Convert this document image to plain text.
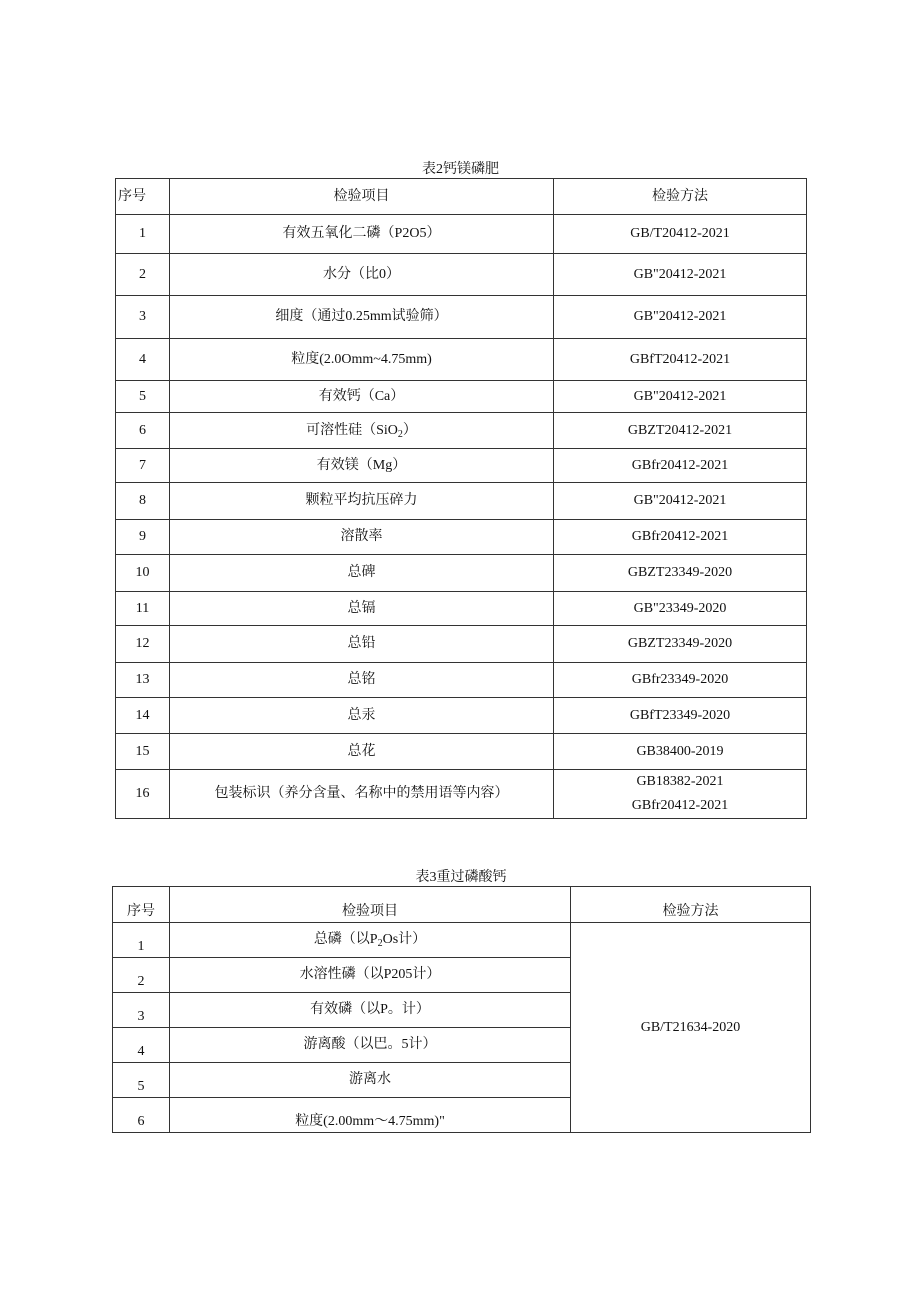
表2钙镁磷肥
序号	检验项目	检验方法
1	有效五氧化二磷（P2O5）	GB/T20412-2021
2	水分（比0）	GB"20412-2021
3	细度（通过0.25mm试验筛）	GB"20412-2021
4	粒度(2.0Omm~4.75mm)	GBfT20412-2021
5	有效钙（Ca）	GB"20412-2021
6	可溶性硅（SiO$_2$）	GBZT20412-2021
7	有效镁（Mg）	GBfr20412-2021
8	颗粒平均抗压碎力	GB"20412-2021
9	溶散率	GBfr20412-2021
10	总碑	GBZT23349-2020
11	总镉	GB"23349-2020
12	总铅	GBZT23349-2020
13	总铭	GBfr23349-2020
14	总汞	GBfT23349-2020
15	总花	GB38400-2019
16	包装标识（养分含量、名称中的禁用语等内容）	GB18382-2021
GBfr20412-2021
表3重过磷酸钙
序号	检验项目	检验方法
1	总磷（以$P_2Os$计）	GB/T21634-2020
2	水溶性磷（以P205计）	
3	有效磷（以P。计）	
4	游离酸（以巴。5计）	
5	游离水	
6	粒度(2.00mm～4.75mm)"	
